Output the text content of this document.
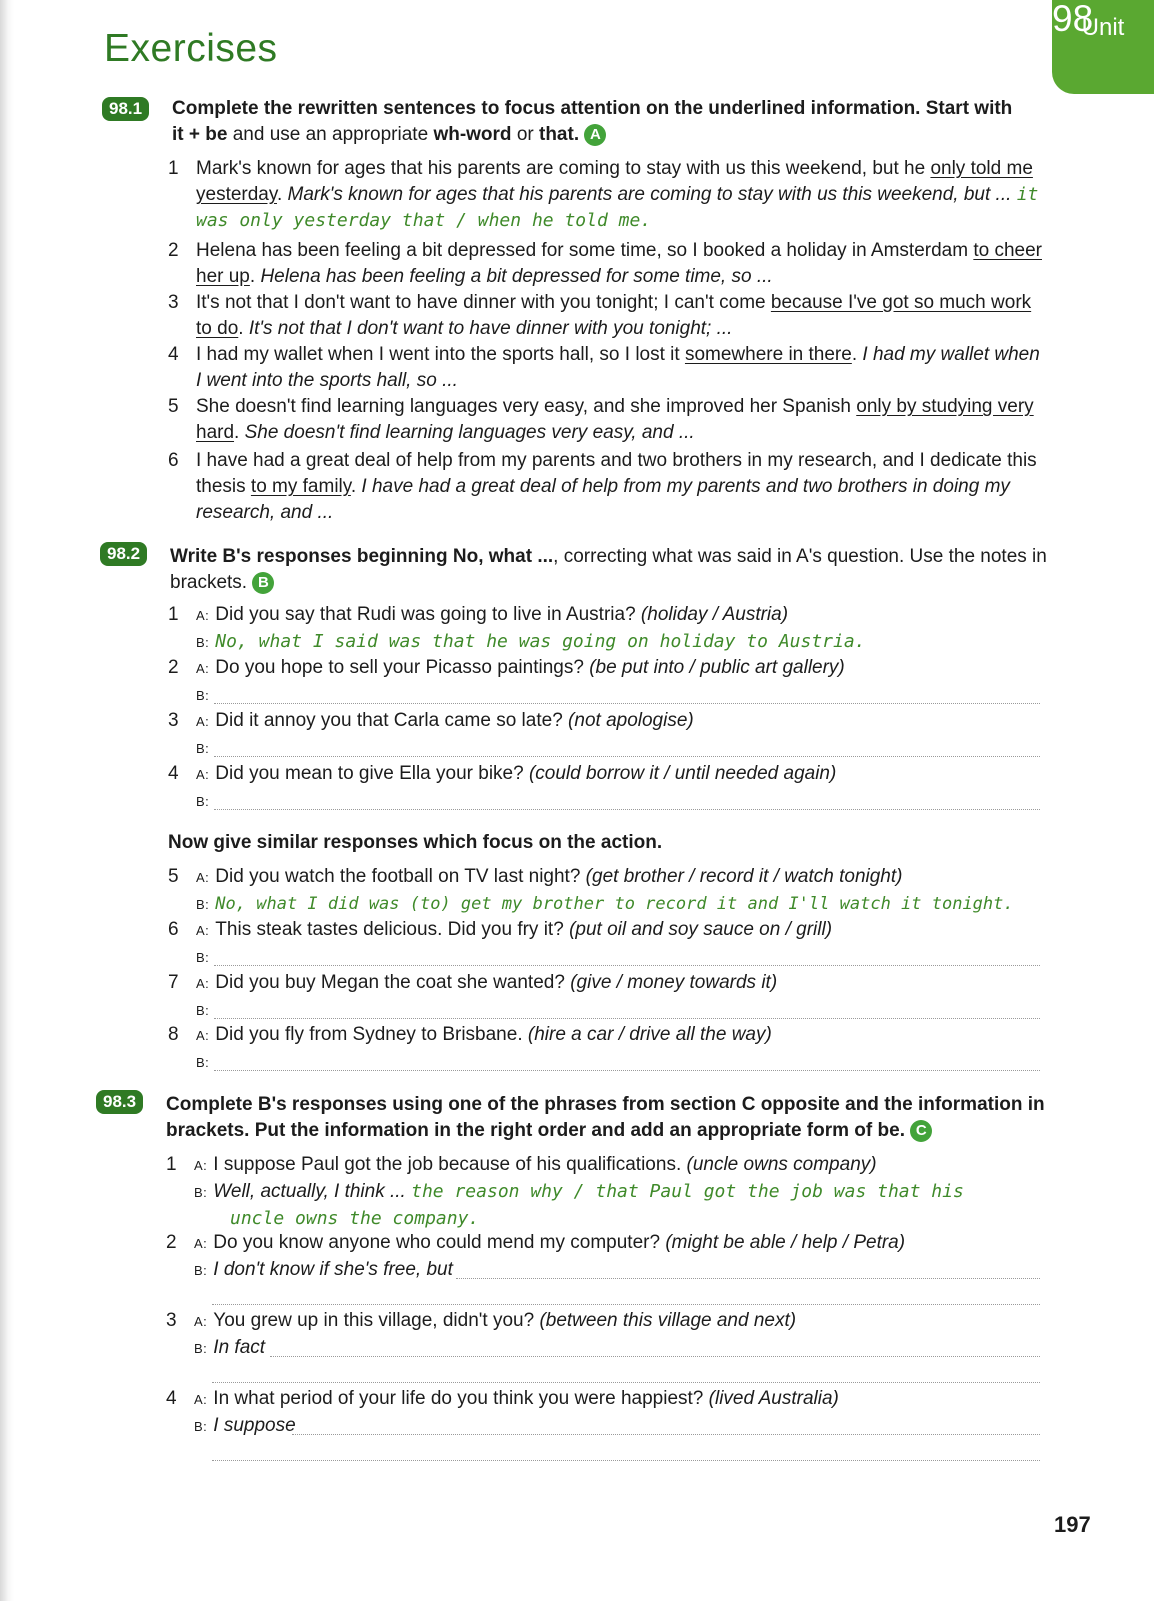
Exercises	Unit
98
98.1	Complete the rewritten sentences to focus attention on the underlined information. Start with
it + be and use an appropriate wh-word or that. A
1 Mark's known for ages that his parents are coming to stay with us this weekend, but he only told me yesterday. Mark's known for ages that his parents are coming to stay with us this weekend, but ... it was only yesterday that / when he told me.
2 Helena has been feeling a bit depressed for some time, so I booked a holiday in Amsterdam to cheer her up. Helena has been feeling a bit depressed for some time, so ...
3 It's not that I don't want to have dinner with you tonight; I can't come because I've got so much work to do. It's not that I don't want to have dinner with you tonight; ...
4 I had my wallet when I went into the sports hall, so I lost it somewhere in there. I had my wallet when I went into the sports hall, so ...
5 She doesn't find learning languages very easy, and she improved her Spanish only by studying very hard. She doesn't find learning languages very easy, and ...
6 I have had a great deal of help from my parents and two brothers in my research, and I dedicate this thesis to my family. I have had a great deal of help from my parents and two brothers in doing my research, and ...
98.2	Write B's responses beginning No, what ..., correcting what was said in A's question. Use the notes in brackets. B
1 A: Did you say that Rudi was going to live in Austria? (holiday / Austria)
B: No, what I said was that he was going on holiday to Austria.
2 A: Do you hope to sell your Picasso paintings? (be put into / public art gallery)
B:
3 A: Did it annoy you that Carla came so late? (not apologise)
B:
4 A: Did you mean to give Ella your bike? (could borrow it / until needed again)
B:
Now give similar responses which focus on the action.
5 A: Did you watch the football on TV last night? (get brother / record it / watch tonight)
B: No, what I did was (to) get my brother to record it and I'll watch it tonight.
6 A: This steak tastes delicious. Did you fry it? (put oil and soy sauce on / grill)
B:
7 A: Did you buy Megan the coat she wanted? (give / money towards it)
B:
8 A: Did you fly from Sydney to Brisbane. (hire a car / drive all the way)
B:
98.3	Complete B's responses using one of the phrases from section C opposite and the information in brackets. Put the information in the right order and add an appropriate form of be. C
1 A: I suppose Paul got the job because of his qualifications. (uncle owns company)
B: Well, actually, I think ... the reason why / that Paul got the job was that his
uncle owns the company.
2 A: Do you know anyone who could mend my computer? (might be able / help / Petra)
B: I don't know if she's free, but
3 A: You grew up in this village, didn't you? (between this village and next)
B: In fact
4 A: In what period of your life do you think you were happiest? (lived Australia)
B: I suppose
197
